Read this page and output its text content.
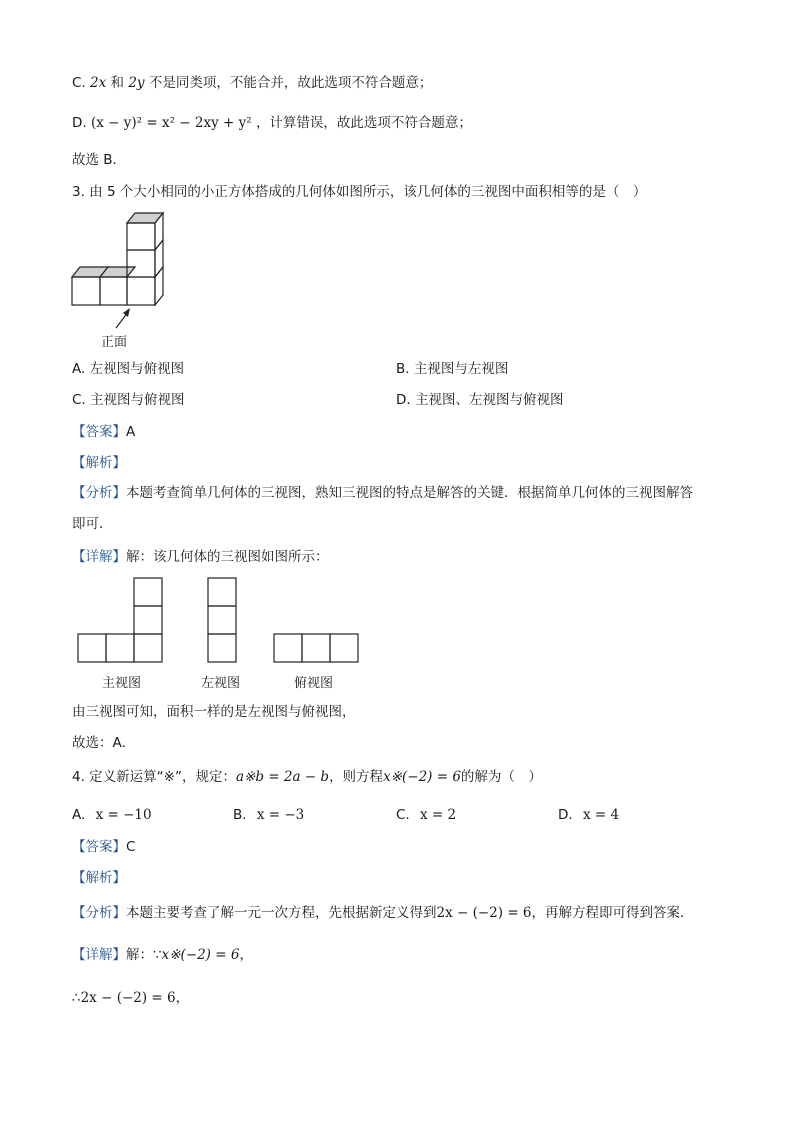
C. 2x 和 2y 不是同类项，不能合并，故此选项不符合题意；
D. (x − y)² = x² − 2xy + y² ，计算错误，故此选项不符合题意；
故选 B．
3. 由 5 个大小相同的小正方体搭成的几何体如图所示，该几何体的三视图中面积相等的是（　）
正面
A. 左视图与俯视图	B. 主视图与左视图
C. 主视图与俯视图	D. 主视图、左视图与俯视图
【答案】A
【解析】
【分析】本题考查简单几何体的三视图，熟知三视图的特点是解答的关键．根据简单几何体的三视图解答
即可．
【详解】解：该几何体的三视图如图所示：
主视图	左视图	俯视图
由三视图可知，面积一样的是左视图与俯视图，
故选：A．
4. 定义新运算“※”，规定：a※b = 2a − b，则方程x※(−2) = 6的解为（　）
A. x = −10	B. x = −3	C. x = 2	D. x = 4
【答案】C
【解析】
【分析】本题主要考查了解一元一次方程，先根据新定义得到2x − (−2) = 6，再解方程即可得到答案．
【详解】解：∵x※(−2) = 6，
∴2x − (−2) = 6，
